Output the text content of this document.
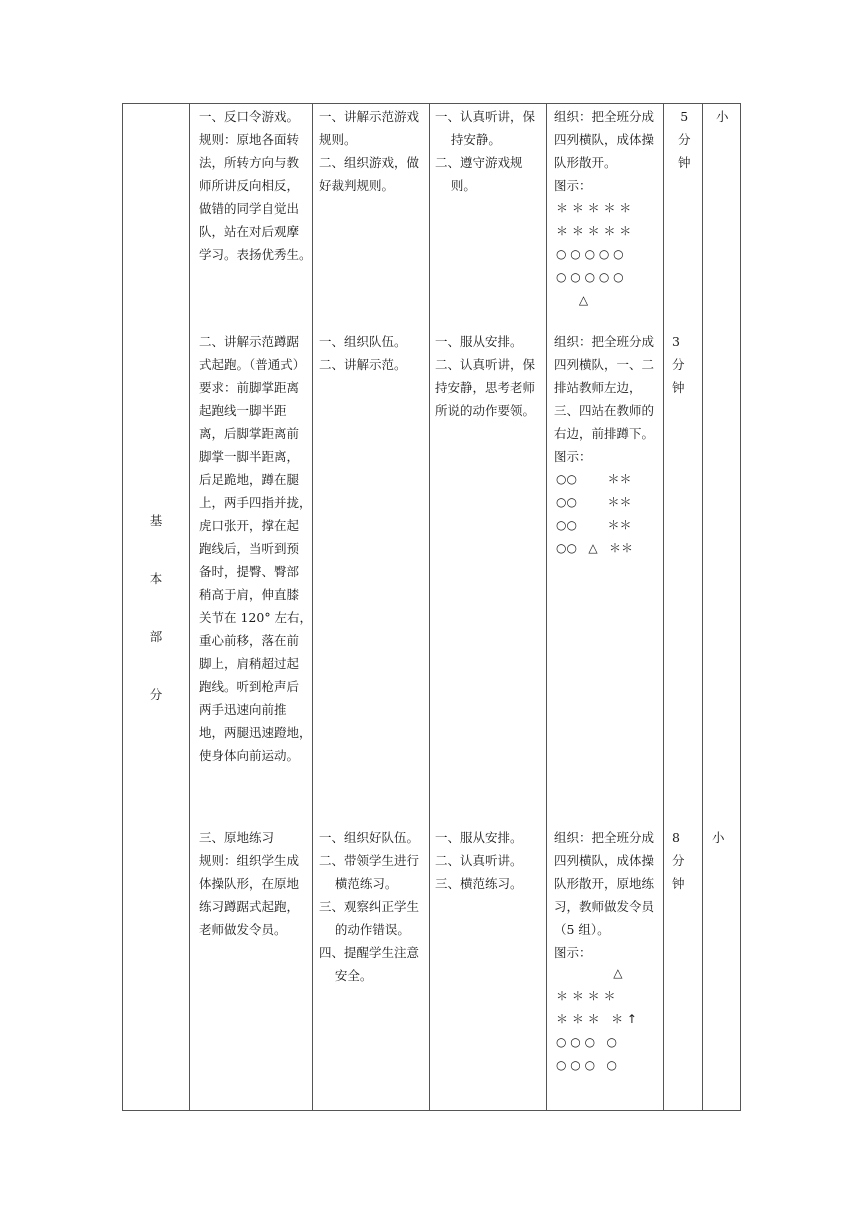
基
本
部
分
一、反口令游戏。
规则：原地各面转
法，所转方向与教
师所讲反向相反，
做错的同学自觉出
队，站在对后观摩
学习。表扬优秀生。
一、讲解示范游戏
规则。
二、组织游戏，做
好裁判规则。
一、认真听讲，保
持安静。
二、遵守游戏规
则。
组织：把全班分成
四列横队，成体操
队形散开。
图示：
＊ ＊ ＊ ＊ ＊
＊ ＊ ＊ ＊ ＊
○ ○ ○ ○ ○
○ ○ ○ ○ ○
△
5
分
钟
小
二、讲解示范蹲踞
式起跑。（普通式）
要求：前脚掌距离
起跑线一脚半距
离，后脚掌距离前
脚掌一脚半距离，
后足跪地，蹲在腿
上，两手四指并拢，
虎口张开，撑在起
跑线后，当听到预
备时，提臀、臀部
稍高于肩，伸直膝
关节在 120° 左右，
重心前移，落在前
脚上，肩稍超过起
跑线。听到枪声后
两手迅速向前推
地，两腿迅速蹬地，
使身体向前运动。
一、组织队伍。
二、讲解示范。
一、服从安排。
二、认真听讲，保
持安静，思考老师
所说的动作要领。
组织：把全班分成
四列横队，一、二
排站教师左边，
三、四站在教师的
右边，前排蹲下。
图示：
○○        ＊＊
○○        ＊＊
○○        ＊＊
○○   △   ＊＊
3
分
钟
三、原地练习
规则：组织学生成
体操队形，在原地
练习蹲踞式起跑，
老师做发令员。
一、组织好队伍。
二、带领学生进行
横范练习。
三、观察纠正学生
的动作错误。
四、提醒学生注意
安全。
一、服从安排。
二、认真听讲。
三、横范练习。
组织：把全班分成
四列横队，成体操
队形散开，原地练
习，教师做发令员
（5 组）。
图示：
△
＊ ＊ ＊ ＊
＊ ＊ ＊   ＊ ↑
○ ○ ○   ○
○ ○ ○   ○
8
分
钟
小
